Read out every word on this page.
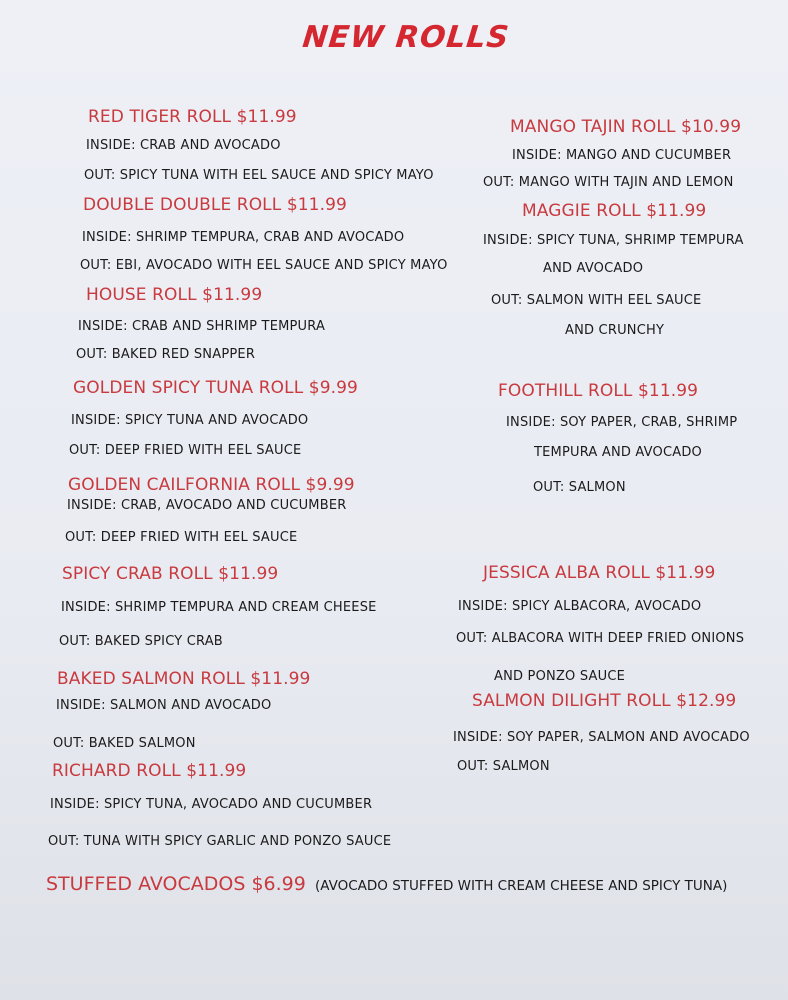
NEW ROLLS
RED TIGER ROLL $11.99
INSIDE: CRAB AND AVOCADO
OUT: SPICY TUNA WITH EEL SAUCE AND SPICY MAYO
DOUBLE DOUBLE ROLL $11.99
INSIDE: SHRIMP TEMPURA, CRAB AND AVOCADO
OUT: EBI, AVOCADO WITH EEL SAUCE AND SPICY MAYO
HOUSE ROLL $11.99
INSIDE: CRAB AND SHRIMP TEMPURA
OUT: BAKED RED SNAPPER
GOLDEN SPICY TUNA ROLL $9.99
INSIDE: SPICY TUNA AND AVOCADO
OUT: DEEP FRIED WITH EEL SAUCE
GOLDEN CAILFORNIA ROLL $9.99
INSIDE: CRAB, AVOCADO AND CUCUMBER
OUT: DEEP FRIED WITH EEL SAUCE
SPICY CRAB ROLL $11.99
INSIDE: SHRIMP TEMPURA AND CREAM CHEESE
OUT: BAKED SPICY CRAB
BAKED SALMON ROLL $11.99
INSIDE: SALMON AND AVOCADO
OUT: BAKED SALMON
RICHARD ROLL $11.99
INSIDE: SPICY TUNA, AVOCADO AND CUCUMBER
OUT: TUNA WITH SPICY GARLIC AND PONZO SAUCE
MANGO TAJIN ROLL $10.99
INSIDE: MANGO AND CUCUMBER
OUT: MANGO WITH TAJIN AND LEMON
MAGGIE ROLL $11.99
INSIDE: SPICY TUNA, SHRIMP TEMPURA
AND AVOCADO
OUT: SALMON WITH EEL SAUCE
AND CRUNCHY
FOOTHILL ROLL $11.99
INSIDE: SOY PAPER, CRAB, SHRIMP
TEMPURA AND AVOCADO
OUT: SALMON
JESSICA ALBA ROLL $11.99
INSIDE: SPICY ALBACORA, AVOCADO
OUT: ALBACORA WITH DEEP FRIED ONIONS
AND PONZO SAUCE
SALMON DILIGHT ROLL $12.99
INSIDE: SOY PAPER, SALMON AND AVOCADO
OUT: SALMON
STUFFED AVOCADOS $6.99 (AVOCADO STUFFED WITH CREAM CHEESE AND SPICY TUNA)
